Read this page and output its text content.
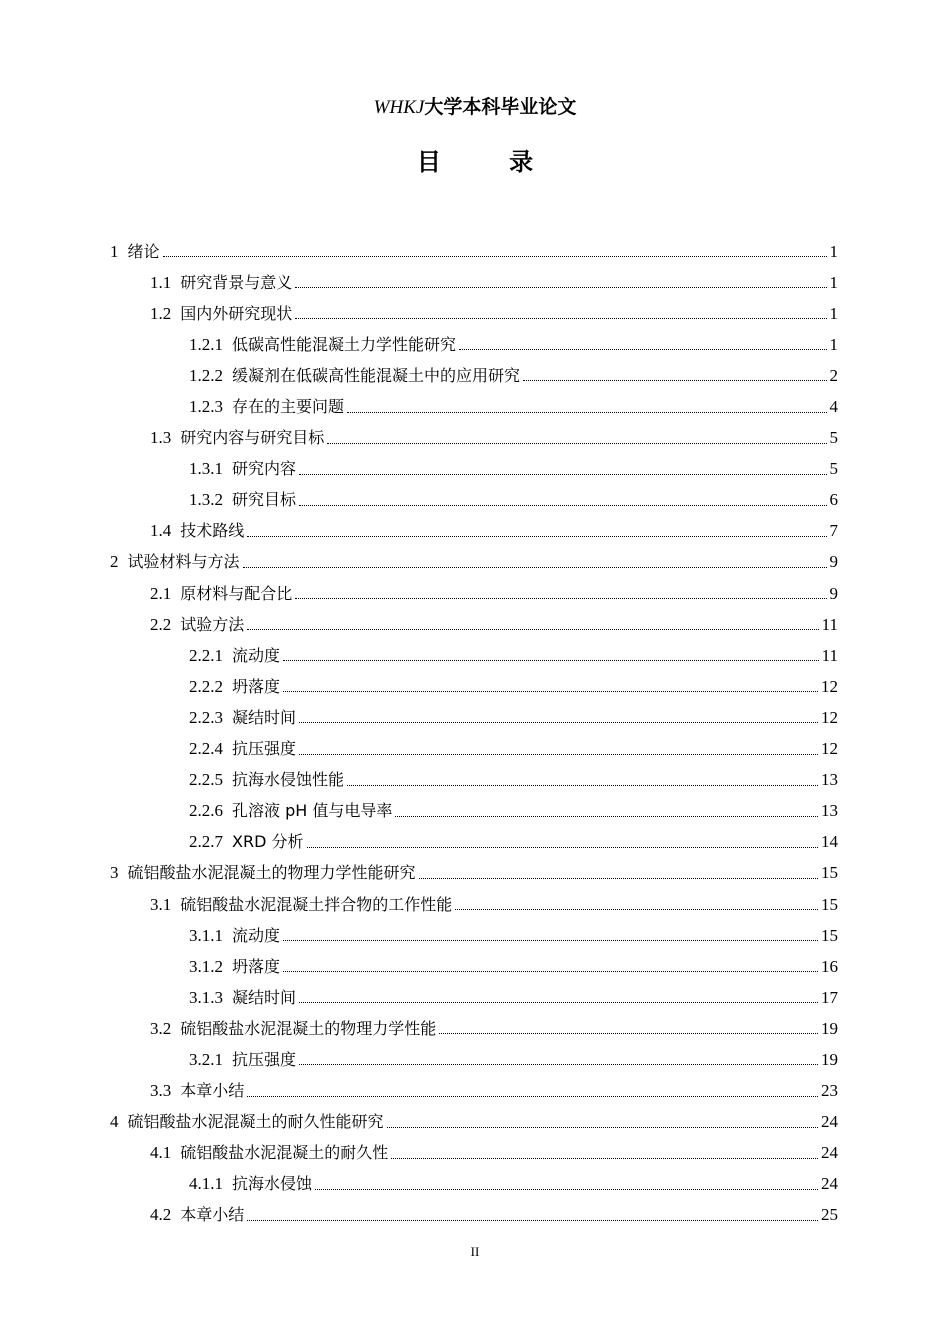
WHKJ大学本科毕业论文
目 录
1 绪论	1
1.1 研究背景与意义	1
1.2 国内外研究现状	1
1.2.1 低碳高性能混凝土力学性能研究	1
1.2.2 缓凝剂在低碳高性能混凝土中的应用研究	2
1.2.3 存在的主要问题	4
1.3 研究内容与研究目标	5
1.3.1 研究内容	5
1.3.2 研究目标	6
1.4 技术路线	7
2 试验材料与方法	9
2.1 原材料与配合比	9
2.2 试验方法	11
2.2.1 流动度	11
2.2.2 坍落度	12
2.2.3 凝结时间	12
2.2.4 抗压强度	12
2.2.5 抗海水侵蚀性能	13
2.2.6 孔溶液 pH 值与电导率	13
2.2.7 XRD 分析	14
3 硫铝酸盐水泥混凝土的物理力学性能研究	15
3.1 硫铝酸盐水泥混凝土拌合物的工作性能	15
3.1.1 流动度	15
3.1.2 坍落度	16
3.1.3 凝结时间	17
3.2 硫铝酸盐水泥混凝土的物理力学性能	19
3.2.1 抗压强度	19
3.3 本章小结	23
4 硫铝酸盐水泥混凝土的耐久性能研究	24
4.1 硫铝酸盐水泥混凝土的耐久性	24
4.1.1 抗海水侵蚀	24
4.2 本章小结	25
II
